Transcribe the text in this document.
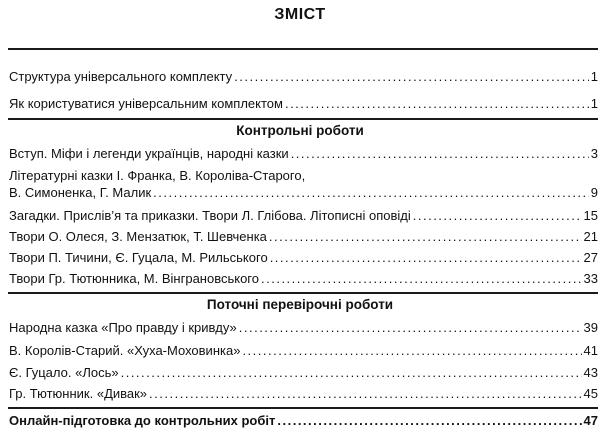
ЗМІСТ
Структура універсального комплекту .....	1
Як користуватися універсальним комплектом .....	1
Контрольні роботи
Вступ. Міфи і легенди українців, народні казки .....	3
Літературні казки І. Франка, В. Короліва-Старого,
В. Симоненка, Г. Малик .....	9
Загадки. Прислів’я та приказки. Твори Л. Глібова. Літописні оповіді .....	15
Твори О. Олеся, З. Мензатюк, Т. Шевченка .....	21
Твори П. Тичини, Є. Гуцала, М. Рильського .....	27
Твори Гр. Тютюнника, М. Вінграновського .....	33
Поточні перевірочні роботи
Народна казка «Про правду і кривду» .....	39
В. Королів-Старий. «Хуха-Моховинка» .....	41
Є. Гуцало. «Лось» .....	43
Гр. Тютюнник. «Дивак» .....	45
Онлайн-підготовка до контрольних робіт .....	47
